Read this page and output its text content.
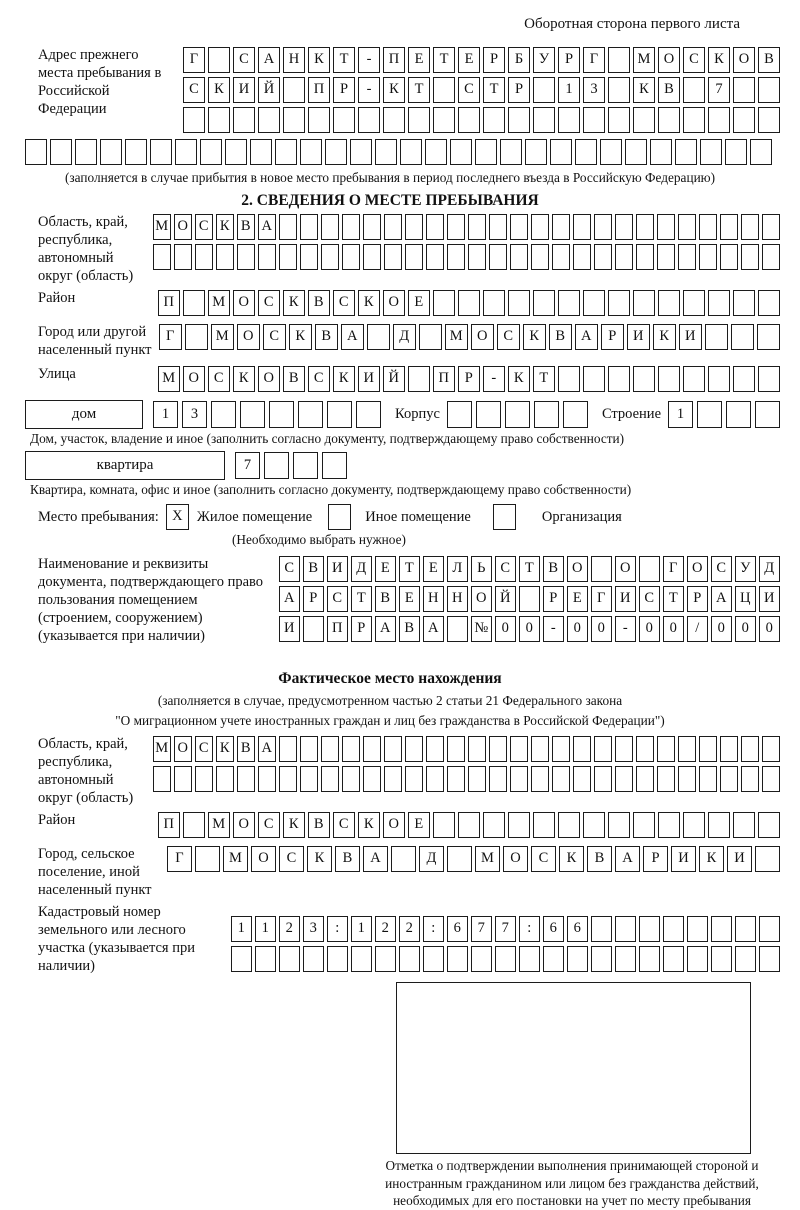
Оборотная сторона первого листа
Адрес прежнего места пребывания в Российской Федерации
Г	С А Н К Т - П Е Т Е Р Б У Р Г	М О С К О В
С К И Й	П Р - К Т	С Т Р	1 3	К В	7

(заполняется в случае прибытия в новое место пребывания в период последнего въезда в Российскую Федерацию)
2. СВЕДЕНИЯ О МЕСТЕ ПРЕБЫВАНИЯ
Область, край, республика, автономный округ (область)
М О С К В А

Район	П	М О С К В С К О Е
Город или другой населенный пункт
Г	М О С К В А	Д	М О С К В А Р И К И
Улица	М О С К О В С К И Й	П Р - К Т
дом	1 3	Корпус
	Строение	1
Дом, участок, владение и иное (заполнить согласно документу, подтверждающему право собственности)
квартира	7
Квартира, комната, офис и иное (заполнить согласно документу, подтверждающему право собственности)
Место пребывания: X Жилое помещение	Иное помещение	Организация
(Необходимо выбрать нужное)
Наименование и реквизиты документа, подтверждающего право пользования помещением (строением, сооружением) (указывается при наличии)
С В И Д Е Т Е Л Ь С Т В О	О	Г О С У Д
А Р С Т В Е Н Н О Й	Р Е Г И С Т Р А Ц И
И	П Р А В А № 0 0 - 0 0 - 0 0 / 0 0 0
Фактическое место нахождения
(заполняется в случае, предусмотренном частью 2 статьи 21 Федерального закона
"О миграционном учете иностранных граждан и лиц без гражданства в Российской Федерации")
Область, край, республика, автономный округ (область)
М О С К В А

Район	П	М О С К В С К О Е
Город, сельское поселение, иной населенный пункт
Г	М О С К В А	Д	М О С К В А Р И К И
Кадастровый номер земельного или лесного участка (указывается при наличии)
1 1 2 3 : 1 2 2 : 6 7 7 : 6 6

Отметка о подтверждении выполнения принимающей стороной и иностранным гражданином или лицом без гражданства действий, необходимых для его постановки на учет по месту пребывания
